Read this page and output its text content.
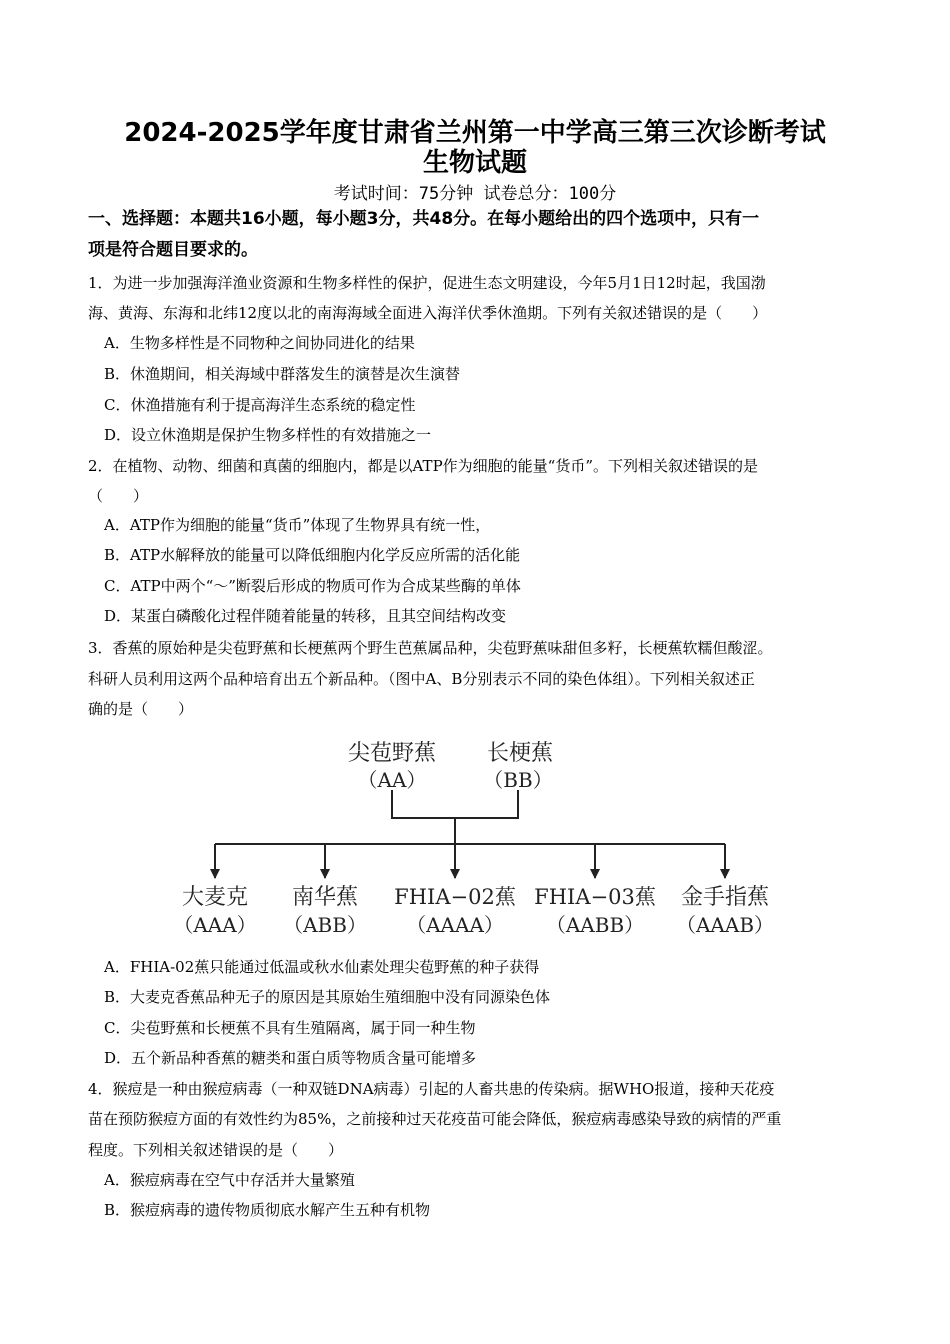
2024-2025学年度甘肃省兰州第一中学高三第三次诊断考试
生物试题
考试时间：75分钟 试卷总分：100分
一、选择题：本题共16小题，每小题3分，共48分。在每小题给出的四个选项中，只有一
项是符合题目要求的。
1．为进一步加强海洋渔业资源和生物多样性的保护，促进生态文明建设，今年5月1日12时起，我国渤
海、黄海、东海和北纬12度以北的南海海域全面进入海洋伏季休渔期。下列有关叙述错误的是（　　）
A．生物多样性是不同物种之间协同进化的结果
B．休渔期间，相关海域中群落发生的演替是次生演替
C．休渔措施有利于提高海洋生态系统的稳定性
D．设立休渔期是保护生物多样性的有效措施之一
2．在植物、动物、细菌和真菌的细胞内，都是以ATP作为细胞的能量“货币”。下列相关叙述错误的是
（　　）
A．ATP作为细胞的能量“货币”体现了生物界具有统一性，
B．ATP水解释放的能量可以降低细胞内化学反应所需的活化能
C．ATP中两个“～”断裂后形成的物质可作为合成某些酶的单体
D．某蛋白磷酸化过程伴随着能量的转移，且其空间结构改变
3．香蕉的原始种是尖苞野蕉和长梗蕉两个野生芭蕉属品种，尖苞野蕉味甜但多籽，长梗蕉软糯但酸涩。
科研人员利用这两个品种培育出五个新品种。（图中A、B分别表示不同的染色体组）。下列相关叙述正
确的是（　　）
尖苞野蕉
（AA）
长梗蕉
（BB）
大麦克
（AAA）
南华蕉
（ABB）
FHIA−02蕉
（AAAA）
FHIA−03蕉
（AABB）
金手指蕉
（AAAB）
A．FHIA-02蕉只能通过低温或秋水仙素处理尖苞野蕉的种子获得
B．大麦克香蕉品种无子的原因是其原始生殖细胞中没有同源染色体
C．尖苞野蕉和长梗蕉不具有生殖隔离，属于同一种生物
D．五个新品种香蕉的糖类和蛋白质等物质含量可能增多
4．猴痘是一种由猴痘病毒（一种双链DNA病毒）引起的人畜共患的传染病。据WHO报道，接种天花疫
苗在预防猴痘方面的有效性约为85%，之前接种过天花疫苗可能会降低，猴痘病毒感染导致的病情的严重
程度。下列相关叙述错误的是（　　）
A．猴痘病毒在空气中存活并大量繁殖
B．猴痘病毒的遗传物质彻底水解产生五种有机物
